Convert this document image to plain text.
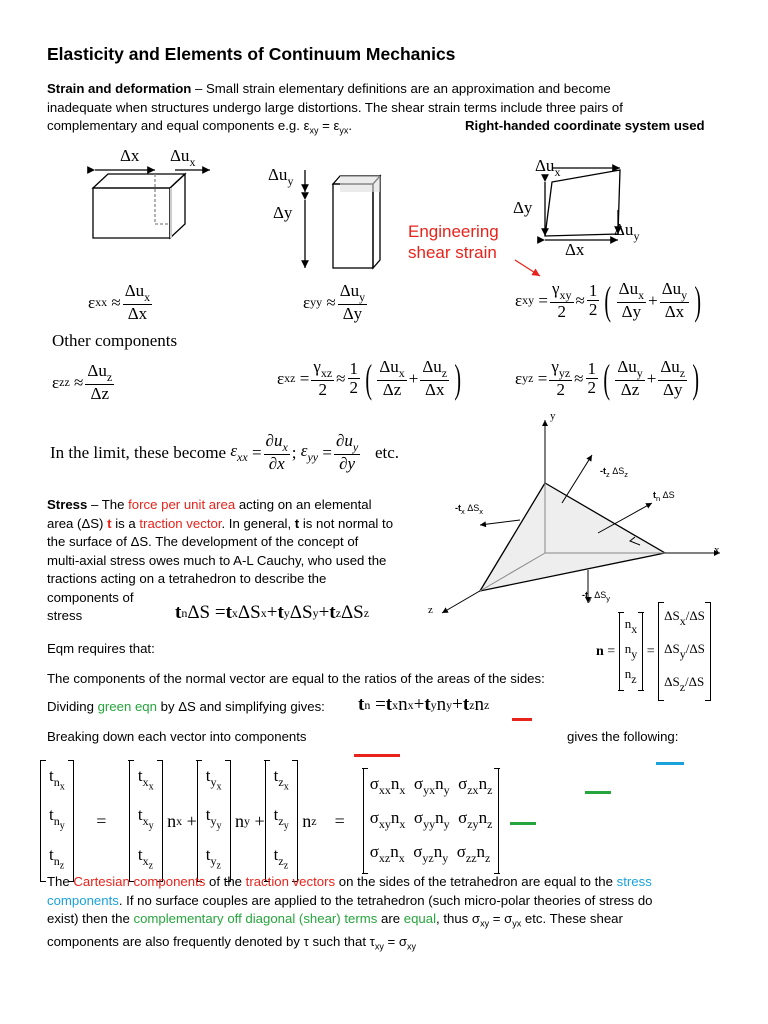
Elasticity and Elements of Continuum Mechanics
Strain and deformation – Small strain elementary definitions are an approximation and become
inadequate when structures undergo large distortions. The shear strain terms include three pairs of
complementary and equal components e.g. $\varepsilon_{xy} = \varepsilon_{yx}$.	Right-handed coordinate system used
Δx $\Delta u_x$
$\Delta u_y$
Δy
$\Delta u_x$
Δy
$\Delta u_y$
Δx
Engineering
shear strain
ε xx ≈ $\frac{\Delta u_x}{\Delta x}$	ε yy ≈ $\frac{\Delta u_y}{\Delta y}$	ε xy = $\frac{\gamma_{xy}}{2} \approx \frac{1}{2}$ ( $\frac{\Delta u_x}{\Delta y} + \frac{\Delta u_y}{\Delta x}$ )
Other components
ε zz ≈ $\frac{\Delta u_z}{\Delta z}$	ε xz = $\frac{\gamma_{xz}}{2} \approx \frac{1}{2}$ ( $\frac{\Delta u_x}{\Delta z} + \frac{\Delta u_z}{\Delta x}$ )	ε yz = $\frac{\gamma_{yz}}{2} \approx \frac{1}{2}$ ( $\frac{\Delta u_y}{\Delta z} + \frac{\Delta u_z}{\Delta y}$ )
In the limit, these become
$\varepsilon_{xx} = \frac{\partial u_x}{\partial x}$ ; $\varepsilon_{yy} = \frac{\partial u_y}{\partial y}$
etc.
y
x
z
$-t_z$ $\Delta S_z$
$-t_x$ $\Delta S_x$
$t_n$ ΔS
$-t_y$ $\Delta S_y$
Stress – The force per unit area acting on an elemental
area (ΔS) t is a traction vector. In general, t is not normal to
the surface of ΔS. The development of the concept of
multi-axial stress owes much to A-L Cauchy, who used the
tractions acting on a tetrahedron to describe the
components of
stress	t n ΔS = t x ΔS x + t y ΔS y + t z ΔS z
Eqm requires that:	n =
nx
ny
nz
=
ΔSx/ΔS
ΔSy/ΔS
ΔSz/ΔS
The components of the normal vector are equal to the ratios of the areas of the sides:
Dividing green eqn by ΔS and simplifying gives: t n = t x n x + t y n y + t z n z
Breaking down each vector into components	gives the following:
$t_{n_x}$
$t_{n_y}$
$t_{n_z}$
=
$t_{x_x}$
$t_{x_y}$
$t_{x_z}$
n x +
$t_{y_x}$
$t_{y_y}$
$t_{y_z}$
n y +
$t_{z_x}$
$t_{z_y}$
$t_{z_z}$
n z =
$\sigma_{xx}n_x$  $\sigma_{yx}n_y$  $\sigma_{zx}n_z$
$\sigma_{xy}n_x$  $\sigma_{yy}n_y$  $\sigma_{zy}n_z$
$\sigma_{xz}n_x$  $\sigma_{yz}n_y$  $\sigma_{zz}n_z$
The Cartesian components of the traction vectors on the sides of the tetrahedron are equal to the stress
components. If no surface couples are applied to the tetrahedron (such micro-polar theories of stress do
exist) then the complementary off diagonal (shear) terms are equal, thus $\sigma_{xy} = \sigma_{yx}$ etc. These shear
components are also frequently denoted by τ such that $\tau_{xy} = \sigma_{xy}$
